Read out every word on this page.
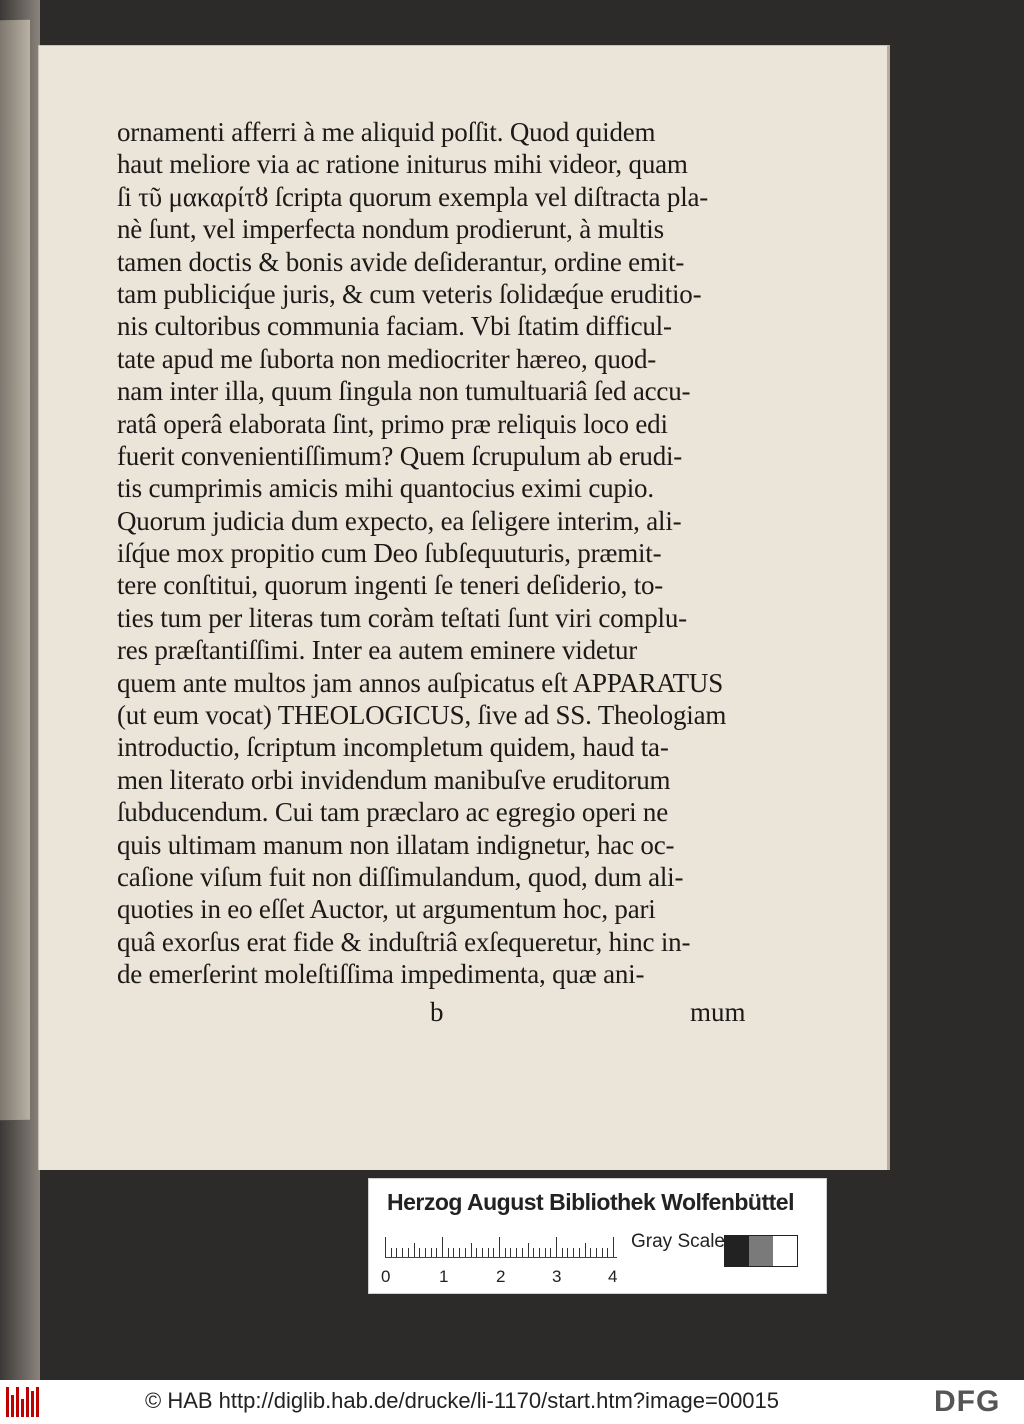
ornamenti afferri à me aliquid poſſit. Quod quidem
haut meliore via ac ratione initurus mihi videor, quam
ſi τῦ μακαρίτȣ ſcripta quorum exempla vel diſtracta pla-
nè ſunt, vel imperfecta nondum prodierunt, à multis
tamen doctis & bonis avide deſiderantur, ordine emit-
tam publiciq́ue juris, & cum veteris ſolidæq́ue eruditio-
nis cultoribus communia faciam. Vbi ſtatim difficul-
tate apud me ſuborta non mediocriter hæreo, quod-
nam inter illa, quum ſingula non tumultuariâ ſed accu-
ratâ operâ elaborata ſint, primo præ reliquis loco edi
fuerit convenientiſſimum? Quem ſcrupulum ab erudi-
tis cumprimis amicis mihi quantocius eximi cupio.
Quorum judicia dum expecto, ea ſeligere interim, ali-
iſq́ue mox propitio cum Deo ſubſequuturis, præmit-
tere conſtitui, quorum ingenti ſe teneri deſiderio, to-
ties tum per literas tum coràm teſtati ſunt viri complu-
res præſtantiſſimi. Inter ea autem eminere videtur
quem ante multos jam annos auſpicatus eſt APPARATUS
(ut eum vocat) THEOLOGICUS, ſive ad SS. Theologiam
introductio, ſcriptum incompletum quidem, haud ta-
men literato orbi invidendum manibuſve eruditorum
ſubducendum. Cui tam præclaro ac egregio operi ne
quis ultimam manum non illatam indignetur, hac oc-
caſione viſum fuit non diſſimulandum, quod, dum ali-
quoties in eo eſſet Auctor, ut argumentum hoc, pari
quâ exorſus erat fide & induſtriâ exſequeretur, hinc in-
de emerſerint moleſtiſſima impedimenta, quæ ani-
b	mum
Herzog August Bibliothek Wolfenbüttel
0	1	2	3	4
Gray Scale
© HAB http://diglib.hab.de/drucke/li-1170/start.htm?image=00015	DFG
